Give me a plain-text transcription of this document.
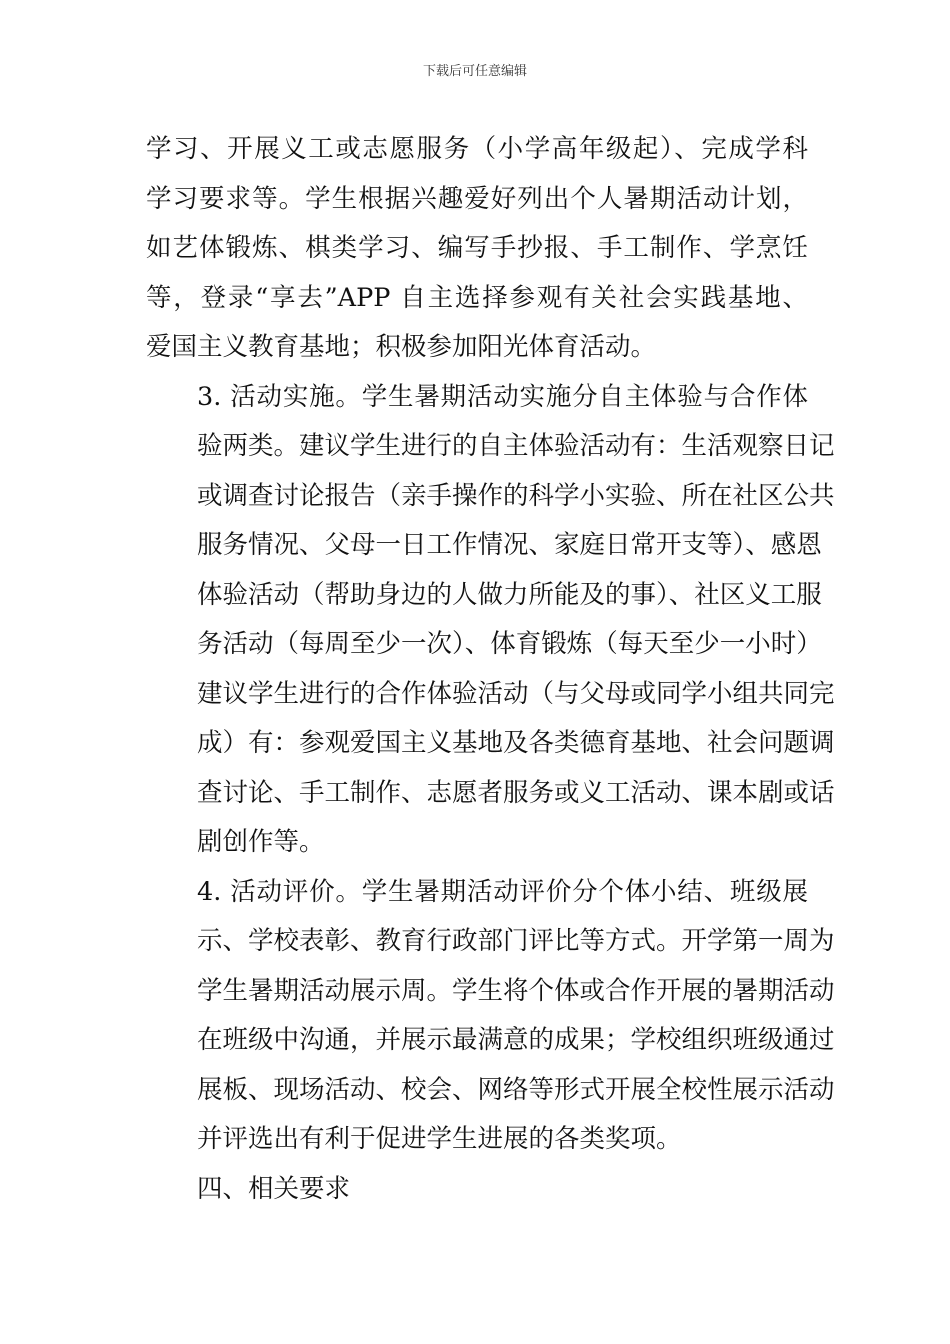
下载后可任意编辑

学习、开展义工或志愿服务（小学高年级起）、完成学科
学习要求等。学生根据兴趣爱好列出个人暑期活动计划，
如艺体锻炼、棋类学习、编写手抄报、手工制作、学烹饪
等，登录“享去”APP 自主选择参观有关社会实践基地、
爱国主义教育基地；积极参加阳光体育活动。

3. 活动实施。学生暑期活动实施分自主体验与合作体
验两类。建议学生进行的自主体验活动有：生活观察日记
或调查讨论报告（亲手操作的科学小实验、所在社区公共
服务情况、父母一日工作情况、家庭日常开支等）、感恩
体验活动（帮助身边的人做力所能及的事）、社区义工服
务活动（每周至少一次）、体育锻炼（每天至少一小时）
建议学生进行的合作体验活动（与父母或同学小组共同完
成）有：参观爱国主义基地及各类德育基地、社会问题调
查讨论、手工制作、志愿者服务或义工活动、课本剧或话
剧创作等。

4. 活动评价。学生暑期活动评价分个体小结、班级展
示、学校表彰、教育行政部门评比等方式。开学第一周为
学生暑期活动展示周。学生将个体或合作开展的暑期活动
在班级中沟通，并展示最满意的成果；学校组织班级通过
展板、现场活动、校会、网络等形式开展全校性展示活动
并评选出有利于促进学生进展的各类奖项。

四、相关要求
